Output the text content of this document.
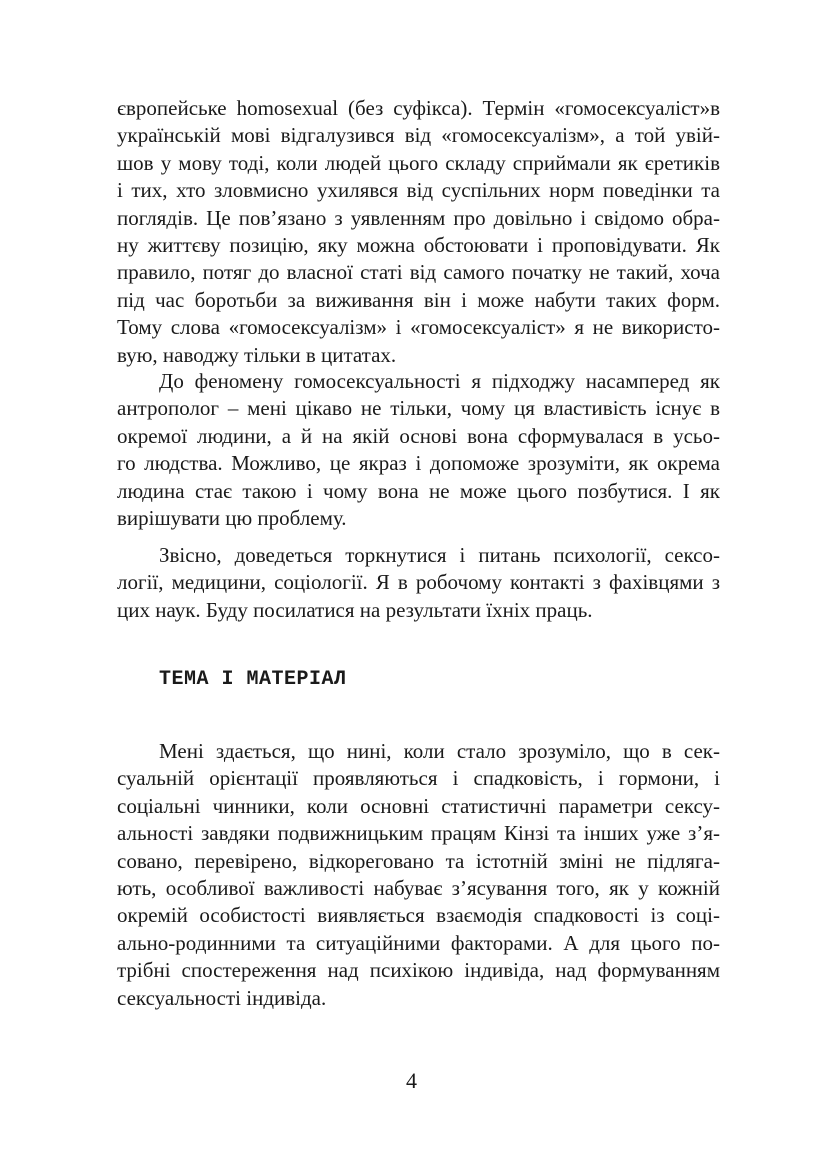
європейське homosexual (без суфікса). Термін «гомосексуаліст»в
українській мові відгалузився від «гомосексуалізм», а той увій-
шов у мову тоді, коли людей цього складу сприймали як єретиків
і тих, хто зловмисно ухилявся від суспільних норм поведінки та
поглядів. Це пов’язано з уявленням про довільно і свідомо обра-
ну життєву позицію, яку можна обстоювати і проповідувати. Як
правило, потяг до власної статі від самого початку не такий, хоча
під час боротьби за виживання він і може набути таких форм.
Тому слова «гомосексуалізм» і «гомосексуаліст» я не використо-
вую, наводжу тільки в цитатах.
До феномену гомосексуальності я підходжу насамперед як
антрополог – мені цікаво не тільки, чому ця властивість існує в
окремої людини, а й на якій основі вона сформувалася в усьо-
го людства. Можливо, це якраз і допоможе зрозуміти, як окрема
людина стає такою і чому вона не може цього позбутися. І як
вирішувати цю проблему.
Звісно, доведеться торкнутися і питань психології, сексо-
логії, медицини, соціології. Я в робочому контакті з фахівцями з
цих наук. Буду посилатися на результати їхніх праць.
ТЕМА І МАТЕРІАЛ
Мені здається, що нині, коли стало зрозуміло, що в сек-
суальній орієнтації проявляються і спадковість, і гормони, і
соціальні чинники, коли основні статистичні параметри сексу-
альності завдяки подвижницьким працям Кінзі та інших уже з’я-
совано, перевірено, відкореговано та істотній зміні не підляга-
ють, особливої важливості набуває з’ясування того, як у кожній
окремій особистості виявляється взаємодія спадковості із соці-
ально-родинними та ситуаційними факторами. А для цього по-
трібні спостереження над психікою індивіда, над формуванням
сексуальності індивіда.
4
